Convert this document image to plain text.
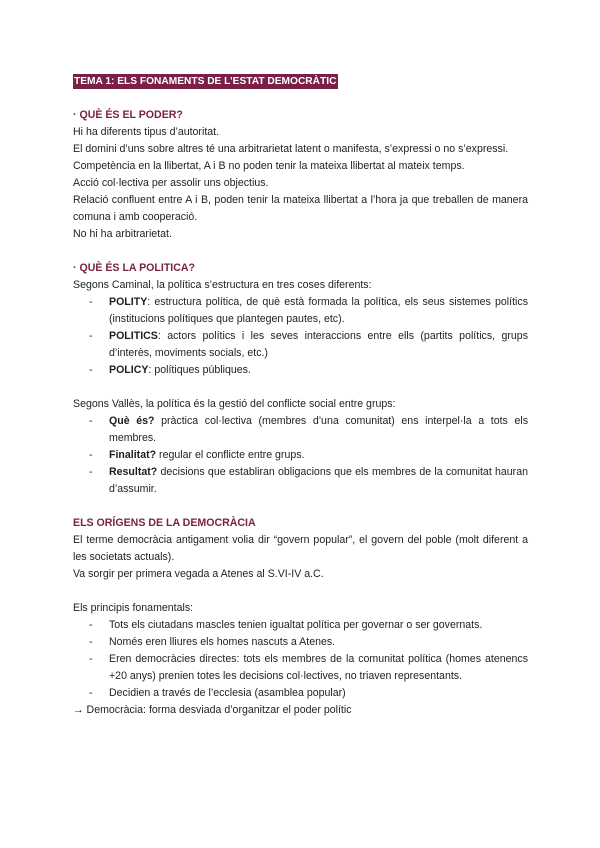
TEMA 1: ELS FONAMENTS DE L’ESTAT DEMOCRÀTIC
· QUÈ ÉS EL PODER?

Hi ha diferents tipus d’autoritat.

El domini d’uns sobre altres té una arbitrarietat latent o manifesta, s’expressi o no s’expressi.

Competència en la llibertat, A i B no poden tenir la mateixa llibertat al mateix temps.

Acció col·lectiva per assolir uns objectius.

Relació confluent entre A i B, poden tenir la mateixa llibertat a l’hora ja que treballen de manera comuna i amb cooperació.

No hi ha arbitrarietat.

· QUÈ ÉS LA POLITICA?

Segons Caminal, la política s’estructura en tres coses diferents:

- POLITY: estructura política, de què està formada la política, els seus sistemes polítics (institucions polítiques que plantegen pautes, etc).
- POLITICS: actors polítics i les seves interaccions entre ells (partits polítics, grups d’interès, moviments socials, etc.)
- POLICY: polítiques públiques.

Segons Vallès, la política és la gestió del conflicte social entre grups:

- Què és? pràctica col·lectiva (membres d’una comunitat) ens interpel·la a tots els membres.
- Finalitat? regular el conflicte entre grups.
- Resultat? decisions que establiran obligacions que els membres de la comunitat hauran d’assumir.
ELS ORÍGENS DE LA DEMOCRÀCIA

El terme democràcia antigament volia dir “govern popular”, el govern del poble (molt diferent a les societats actuals).

Va sorgir per primera vegada a Atenes al S.VI-IV a.C.

Els principis fonamentals:

- Tots els ciutadans mascles tenien igualtat política per governar o ser governats.
- Només eren lliures els homes nascuts a Atenes.
- Eren democràcies directes: tots els membres de la comunitat política (homes atenencs +20 anys) prenien totes les decisions col·lectives, no triaven representants.
- Decidien a través de l’ecclesia (asamblea popular)

→ Democràcia: forma desviada d’organitzar el poder polític
